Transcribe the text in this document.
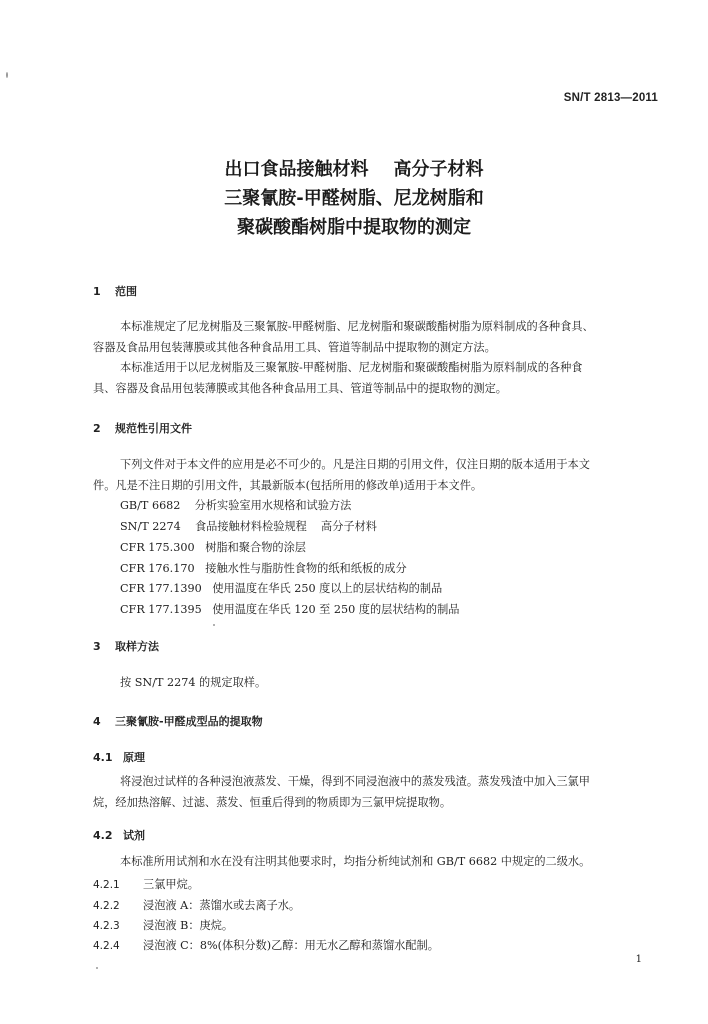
SN/T 2813—2011
出口食品接触材料    高分子材料
三聚氰胺-甲醛树脂、尼龙树脂和
聚碳酸酯树脂中提取物的测定
1 范围
本标准规定了尼龙树脂及三聚氰胺-甲醛树脂、尼龙树脂和聚碳酸酯树脂为原料制成的各种食具、
容器及食品用包装薄膜或其他各种食品用工具、管道等制品中提取物的测定方法。
本标准适用于以尼龙树脂及三聚氰胺-甲醛树脂、尼龙树脂和聚碳酸酯树脂为原料制成的各种食
具、容器及食品用包装薄膜或其他各种食品用工具、管道等制品中的提取物的测定。
2 规范性引用文件
下列文件对于本文件的应用是必不可少的。凡是注日期的引用文件，仅注日期的版本适用于本文
件。凡是不注日期的引用文件，其最新版本(包括所用的修改单)适用于本文件。
GB/T 6682 分析实验室用水规格和试验方法
SN/T 2274 食品接触材料检验规程    高分子材料
CFR 175.300 树脂和聚合物的涂层
CFR 176.170 接触水性与脂肪性食物的纸和纸板的成分
CFR 177.1390 使用温度在华氏 250 度以上的层状结构的制品
CFR 177.1395 使用温度在华氏 120 至 250 度的层状结构的制品
3 取样方法
按 SN/T 2274 的规定取样。
4 三聚氰胺-甲醛成型品的提取物
4.1 原理
将浸泡过试样的各种浸泡液蒸发、干燥，得到不同浸泡液中的蒸发残渣。蒸发残渣中加入三氯甲
烷，经加热溶解、过滤、蒸发、恒重后得到的物质即为三氯甲烷提取物。
4.2 试剂
本标准所用试剂和水在没有注明其他要求时，均指分析纯试剂和 GB/T 6682 中规定的二级水。
4.2.1 三氯甲烷。
4.2.2 浸泡液 A：蒸馏水或去离子水。
4.2.3 浸泡液 B：庚烷。
4.2.4 浸泡液 C：8%(体积分数)乙醇：用无水乙醇和蒸馏水配制。
1
